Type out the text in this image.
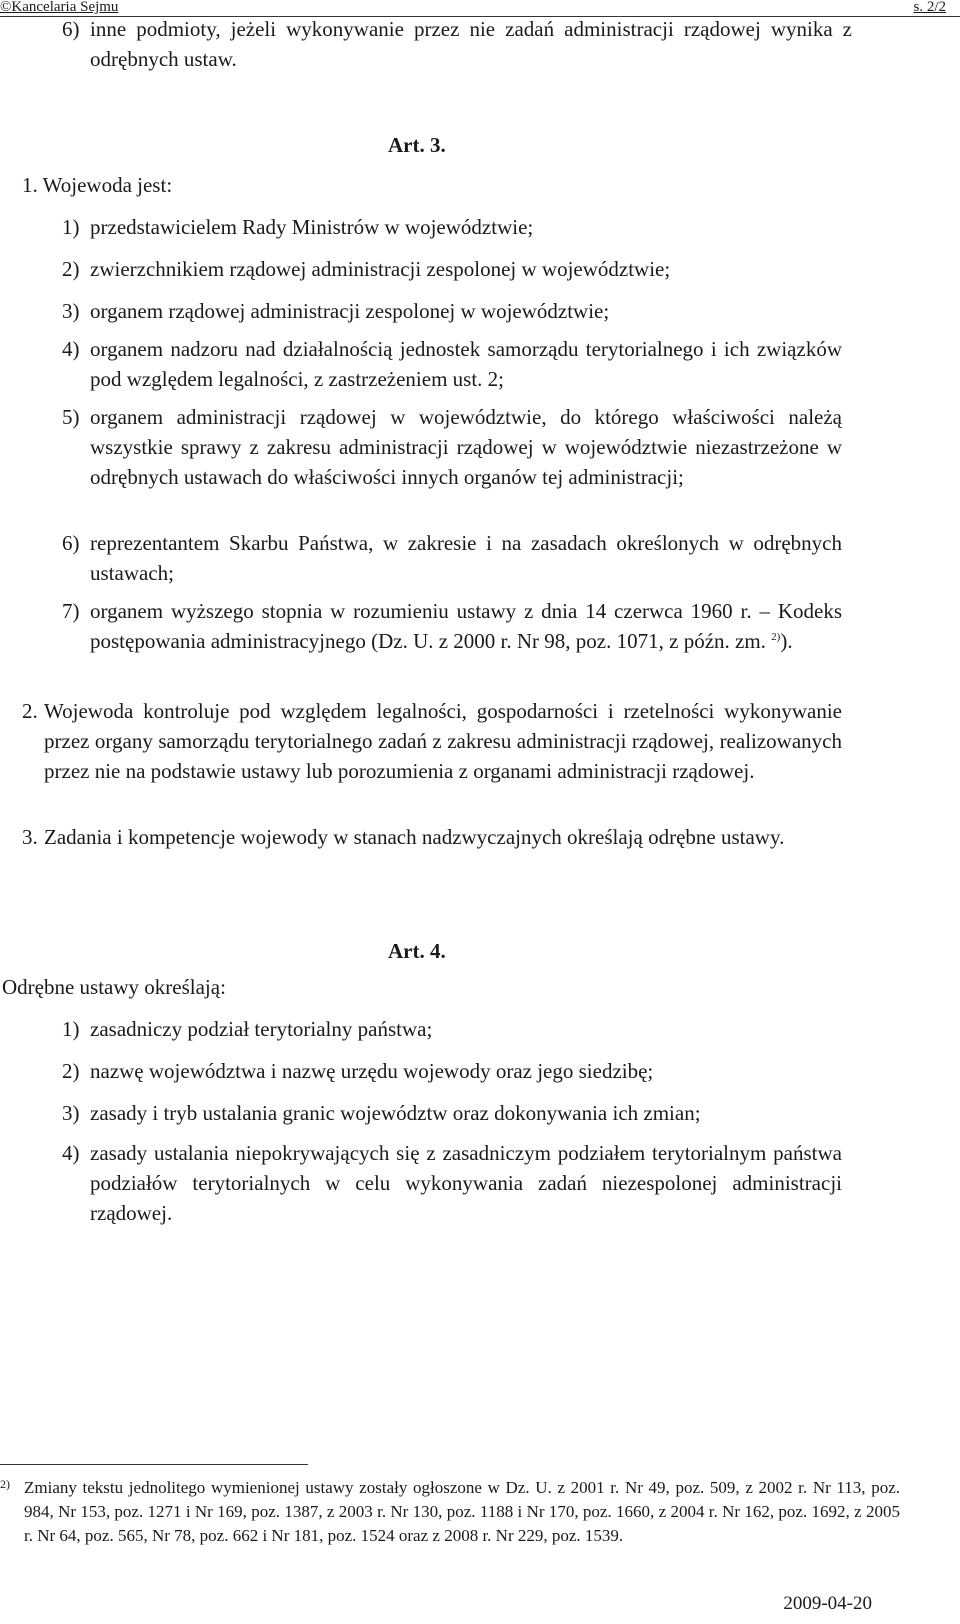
©Kancelaria Sejmu	s. 2/2
6) inne podmioty, jeżeli wykonywanie przez nie zadań administracji rządowej wynika z odrębnych ustaw.
Art. 3.
1. Wojewoda jest:
1) przedstawicielem Rady Ministrów w województwie;
2) zwierzchnikiem rządowej administracji zespolonej w województwie;
3) organem rządowej administracji zespolonej w województwie;
4) organem nadzoru nad działalnością jednostek samorządu terytorialnego i ich związków pod względem legalności, z zastrzeżeniem ust. 2;
5) organem administracji rządowej w województwie, do którego właściwości należą wszystkie sprawy z zakresu administracji rządowej w województwie niezastrzeżone w odrębnych ustawach do właściwości innych organów tej administracji;
6) reprezentantem Skarbu Państwa, w zakresie i na zasadach określonych w odrębnych ustawach;
7) organem wyższego stopnia w rozumieniu ustawy z dnia 14 czerwca 1960 r. – Kodeks postępowania administracyjnego (Dz. U. z 2000 r. Nr 98, poz. 1071, z późn. zm. $^{2)}$).
2. Wojewoda kontroluje pod względem legalności, gospodarności i rzetelności wykonywanie przez organy samorządu terytorialnego zadań z zakresu administracji rządowej, realizowanych przez nie na podstawie ustawy lub porozumienia z organami administracji rządowej.
3. Zadania i kompetencje wojewody w stanach nadzwyczajnych określają odrębne ustawy.
Art. 4.
Odrębne ustawy określają:
1) zasadniczy podział terytorialny państwa;
2) nazwę województwa i nazwę urzędu wojewody oraz jego siedzibę;
3) zasady i tryb ustalania granic województw oraz dokonywania ich zmian;
4) zasady ustalania niepokrywających się z zasadniczym podziałem terytorialnym państwa podziałów terytorialnych w celu wykonywania zadań niezespolonej administracji rządowej.
2) Zmiany tekstu jednolitego wymienionej ustawy zostały ogłoszone w Dz. U. z 2001 r. Nr 49, poz. 509, z 2002 r. Nr 113, poz. 984, Nr 153, poz. 1271 i Nr 169, poz. 1387, z 2003 r. Nr 130, poz. 1188 i Nr 170, poz. 1660, z 2004 r. Nr 162, poz. 1692, z 2005 r. Nr 64, poz. 565, Nr 78, poz. 662 i Nr 181, poz. 1524 oraz z 2008 r. Nr 229, poz. 1539.
2009-04-20
